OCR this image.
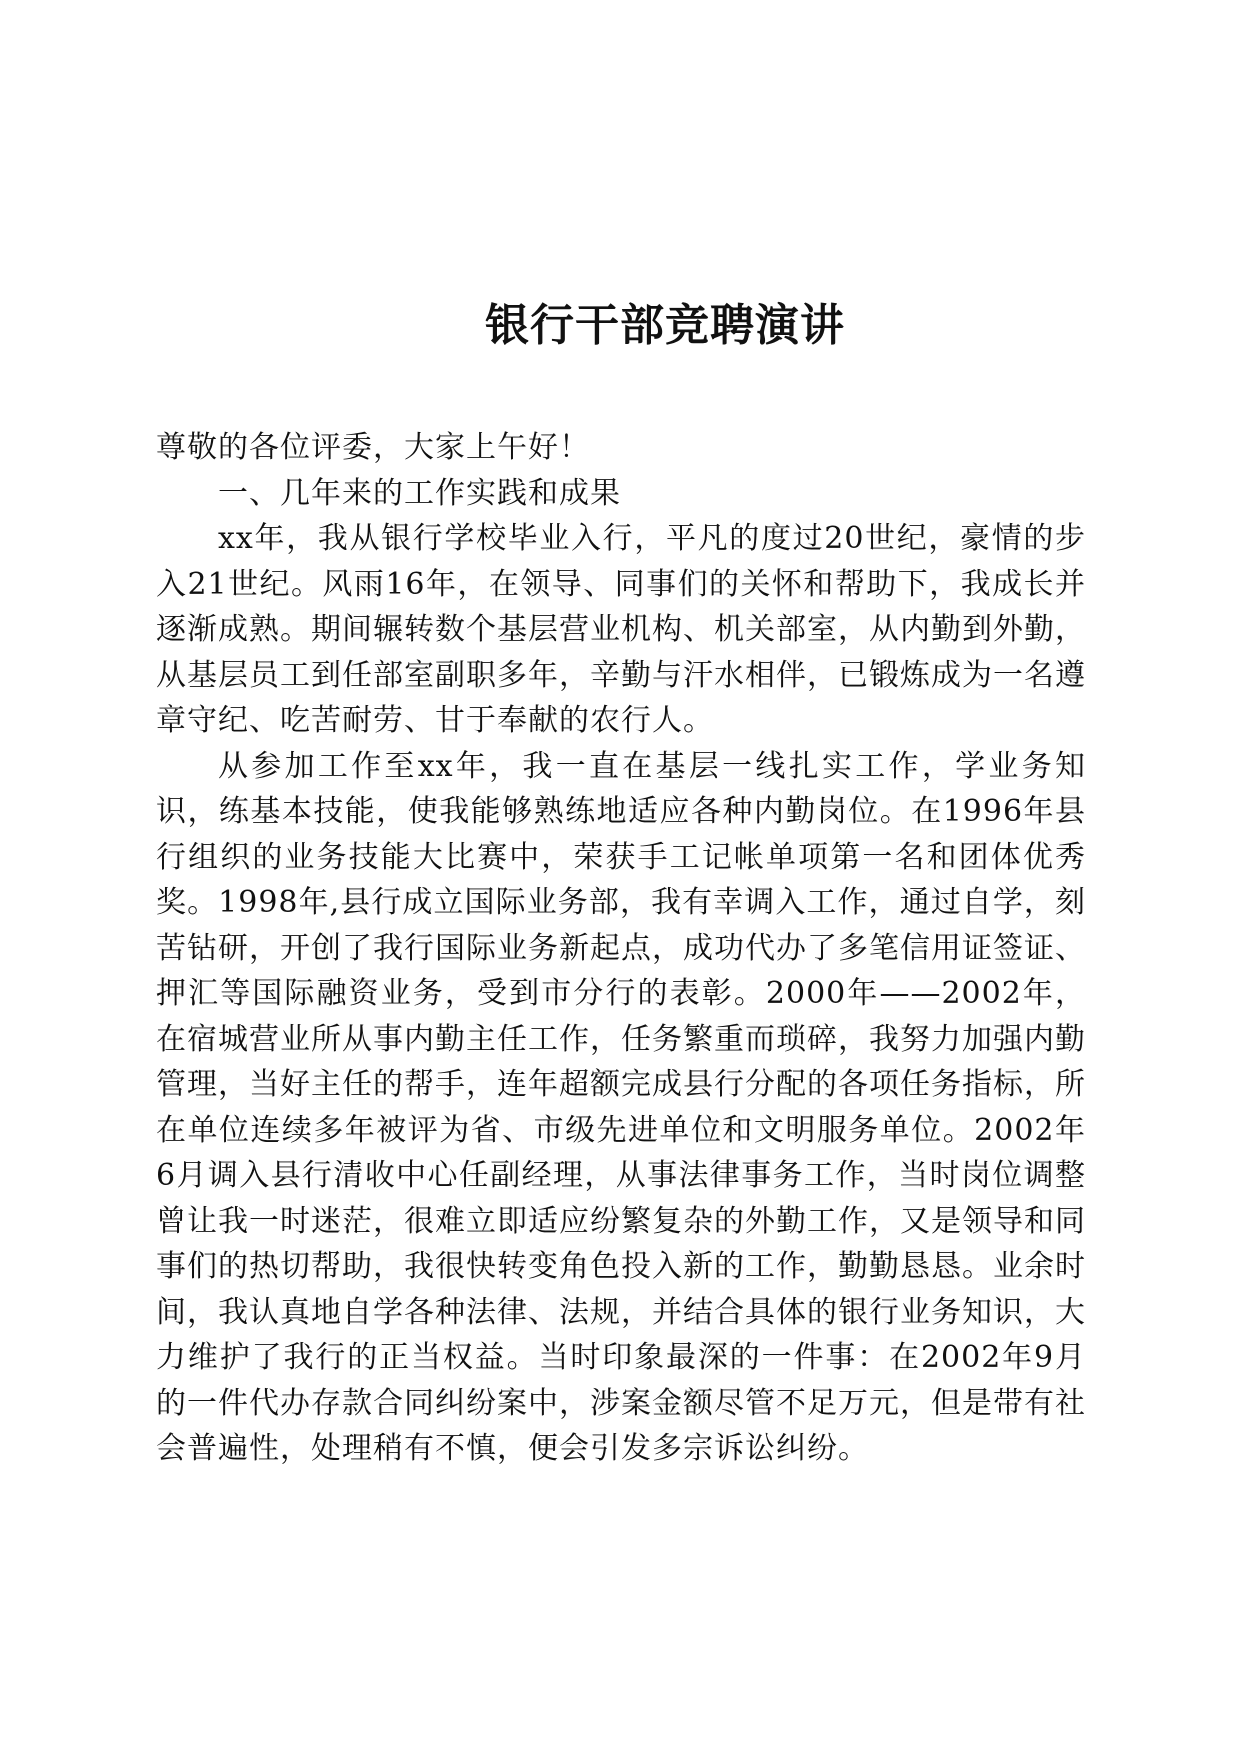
银行干部竞聘演讲

尊敬的各位评委，大家上午好！

一、几年来的工作实践和成果

xx年，我从银行学校毕业入行，平凡的度过20世纪，豪情的步入21世纪。风雨16年，在领导、同事们的关怀和帮助下，我成长并逐渐成熟。期间辗转数个基层营业机构、机关部室，从内勤到外勤，从基层员工到任部室副职多年，辛勤与汗水相伴，已锻炼成为一名遵章守纪、吃苦耐劳、甘于奉献的农行人。

从参加工作至xx年，我一直在基层一线扎实工作，学业务知识，练基本技能，使我能够熟练地适应各种内勤岗位。在1996年县行组织的业务技能大比赛中，荣获手工记帐单项第一名和团体优秀奖。1998年,县行成立国际业务部，我有幸调入工作，通过自学，刻苦钻研，开创了我行国际业务新起点，成功代办了多笔信用证签证、押汇等国际融资业务，受到市分行的表彰。2000年——2002年，在宿城营业所从事内勤主任工作，任务繁重而琐碎，我努力加强内勤管理，当好主任的帮手，连年超额完成县行分配的各项任务指标，所在单位连续多年被评为省、市级先进单位和文明服务单位。2002年6月调入县行清收中心任副经理，从事法律事务工作，当时岗位调整曾让我一时迷茫，很难立即适应纷繁复杂的外勤工作，又是领导和同事们的热切帮助，我很快转变角色投入新的工作，勤勤恳恳。业余时间，我认真地自学各种法律、法规，并结合具体的银行业务知识，大力维护了我行的正当权益。当时印象最深的一件事：在2002年9月的一件代办存款合同纠纷案中，涉案金额尽管不足万元，但是带有社会普遍性，处理稍有不慎，便会引发多宗诉讼纠纷。
